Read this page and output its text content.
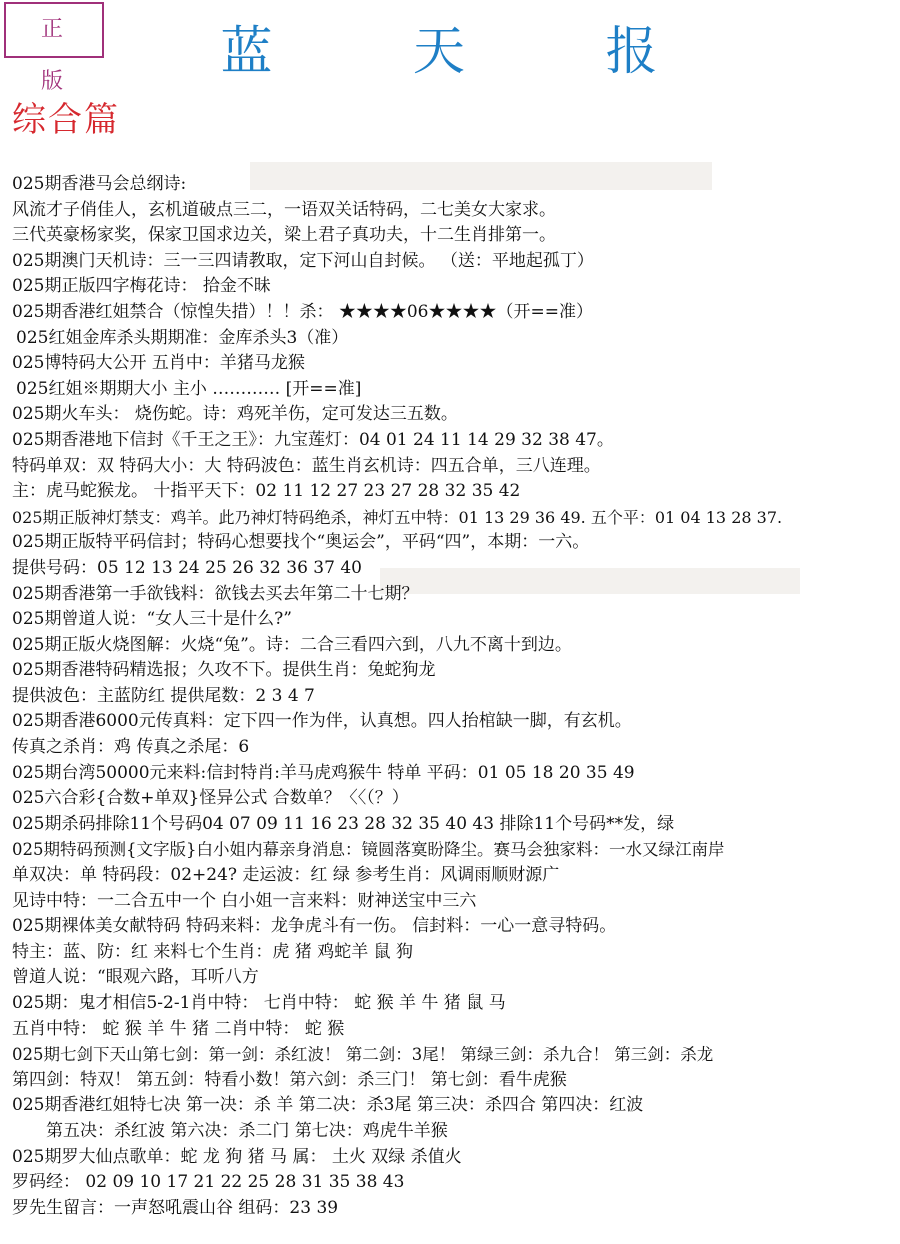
正 版	蓝 天 报
综合篇
025期香港马会总纲诗:
风流才子俏佳人，玄机道破点三二，一语双关话特码，二七美女大家求。
三代英豪杨家奖，保家卫国求边关，梁上君子真功夫，十二生肖排第一。
025期澳门天机诗：三一三四请教取，定下河山自封候。 （送：平地起孤丁）
025期正版四字梅花诗： 拾金不昧
025期香港红姐禁合（惊惶失措）！！杀： ★★★★06★★★★（开==准）
025红姐金库杀头期期准：金库杀头3（准）
025博特码大公开 五肖中：羊猪马龙猴
025红姐※期期大小 主小 ………… [开==准]
025期火车头： 烧伤蛇。诗：鸡死羊伤，定可发达三五数。
025期香港地下信封《千王之王》：九宝莲灯：04 01 24 11 14 29 32 38 47。
特码单双：双 特码大小：大 特码波色：蓝生肖玄机诗：四五合单，三八连理。
主：虎马蛇猴龙。 十指平天下：02 11 12 27 23 27 28 32 35 42
025期正版神灯禁支：鸡羊。此乃神灯特码绝杀，神灯五中特：01 13 29 36 49. 五个平：01 04 13 28 37.
025期正版特平码信封；特码心想要找个“奥运会”，平码“四”，本期：一六。
提供号码：05 12 13 24 25 26 32 36 37 40
025期香港第一手欲钱料：欲钱去买去年第二十七期？
025期曾道人说：“女人三十是什么?”
025期正版火烧图解：火烧“兔”。诗：二合三看四六到，八九不离十到边。
025期香港特码精选报；久攻不下。提供生肖：兔蛇狗龙
提供波色：主蓝防红 提供尾数：2 3 4 7
025期香港6000元传真料：定下四一作为伴，认真想。四人抬棺缺一脚，有玄机。
传真之杀肖：鸡 传真之杀尾：6
025期台湾50000元来料:信封特肖:羊马虎鸡猴牛 特单 平码：01 05 18 20 35 49
025六合彩{合数+单双}怪异公式 合数单？〈〈（？）
025期杀码排除11个号码04 07 09 11 16 23 28 32 35 40 43 排除11个号码**发，绿
025期特码预测{文字版}白小姐内幕亲身消息：镜圆落寞盼降尘。赛马会独家料：一水又绿江南岸
单双决：单 特码段：02+24? 走运波：红 绿 参考生肖：风调雨顺财源广
见诗中特：一二合五中一个 白小姐一言来料：财神送宝中三六
025期裸体美女献特码 特码来料：龙争虎斗有一伤。 信封料：一心一意寻特码。
特主：蓝、防：红 来料七个生肖：虎 猪 鸡蛇羊 鼠 狗
曾道人说：“眼观六路，耳听八方
025期：鬼才相信5-2-1肖中特： 七肖中特： 蛇 猴 羊 牛 猪 鼠 马
五肖中特： 蛇 猴 羊 牛 猪 二肖中特： 蛇 猴
025期七剑下天山第七剑：第一剑：杀红波！ 第二剑：3尾！ 第绿三剑：杀九合！ 第三剑：杀龙
第四剑：特双！ 第五剑：特看小数！第六剑：杀三门！ 第七剑：看牛虎猴
025期香港红姐特七决 第一决：杀 羊 第二决：杀3尾 第三决：杀四合 第四决：红波
第五决：杀红波 第六决：杀二门 第七决：鸡虎牛羊猴
025期罗大仙点歌单：蛇 龙 狗 猪 马 属： 土火 双绿 杀值火
罗码经： 02 09 10 17 21 22 25 28 31 35 38 43
罗先生留言：一声怒吼震山谷 组码：23 39
